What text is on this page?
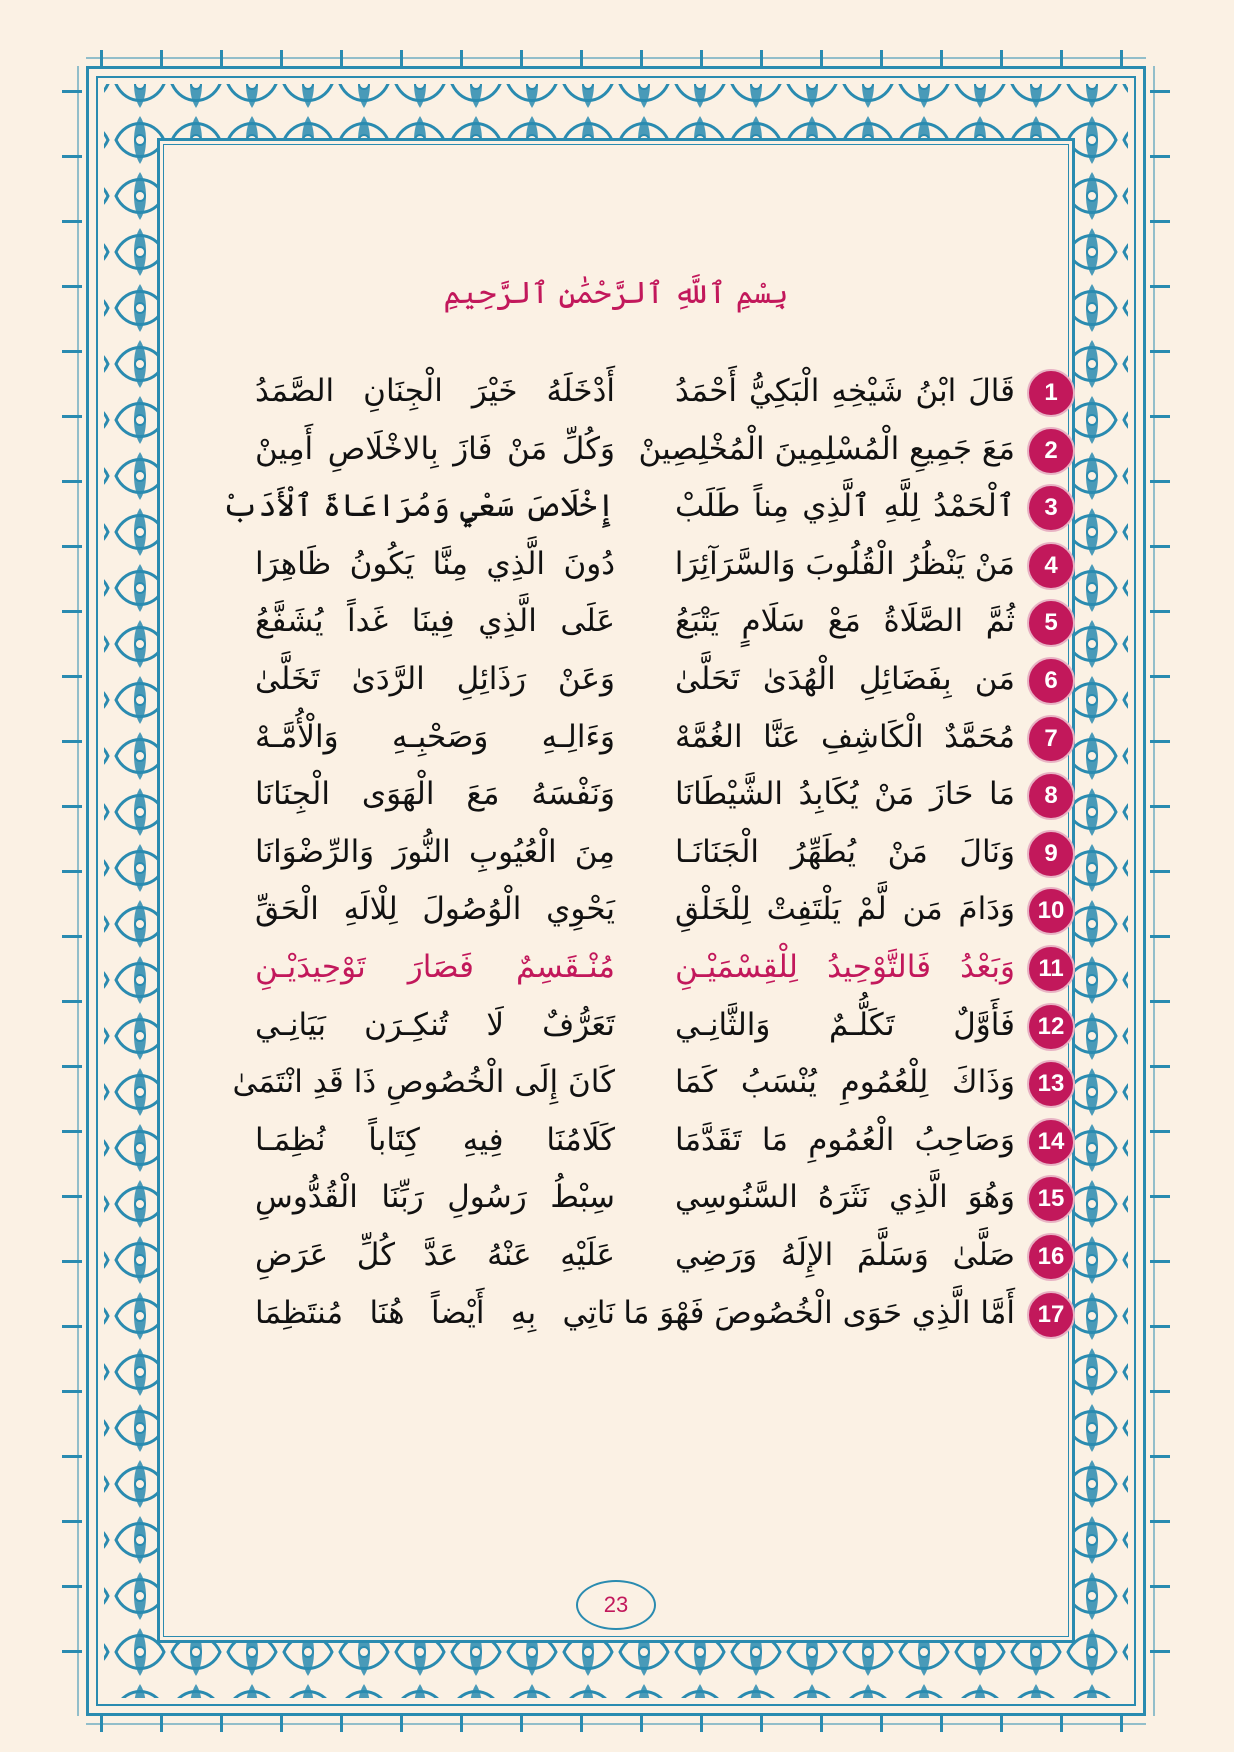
بِسْمِ ٱللَّهِ ٱلرَّحْمَٰنِ ٱلرَّحِيمِ
1
قَالَ ابْنُ شَيْخِهِ الْبَكِيُّ أَحْمَدُ
أَدْخَلَهُ خَيْرَ الْجِنَانِ الصَّمَدُ
2
مَعَ جَمِيعِ الْمُسْلِمِينَ الْمُخْلِصِينْ
وَكُلِّ مَنْ فَازَ بِالاخْلَاصِ أَمِينْ
3
ٱلْحَمْدُ لِلَّهِ ٱلَّذِي مِناً طَلَبْ
إِخْلَاصَ سَعْيٍ وَمُرَاعَاةَ ٱلْأَدَبْ
4
مَنْ يَنْظُرُ الْقُلُوبَ وَالسَّرَآئِرَا
دُونَ الَّذِي مِنَّا يَكُونُ ظَاهِرَا
5
ثُمَّ الصَّلَاةُ مَعْ سَلَامٍ يَتْبَعُ
عَلَى الَّذِي فِينَا غَداً يُشَفَّعُ
6
مَن بِفَضَائِلِ الْهُدَىٰ تَحَلَّىٰ
وَعَنْ رَذَائِلِ الرَّدَىٰ تَخَلَّىٰ
7
مُحَمَّدٌ الْكَاشِفِ عَنَّا الغُمَّهْ
وَءَالِـهِ وَصَحْبِـهِ وَالْأُمَّـهْ
8
مَا حَازَ مَنْ يُكَابِدُ الشَّيْطَانَا
وَنَفْسَهُ مَعَ الْهَوَى الْجِنَانَا
9
وَنَالَ مَنْ يُطَهِّرُ الْجَنَانَـا
مِنَ الْعُيُوبِ النُّورَ وَالرِّضْوَانَا
10
وَدَامَ مَن لَّمْ يَلْتَفِتْ لِلْخَلْقِ
يَحْوِي الْوُصُولَ لِلْالَهِ الْحَقِّ
11
وَبَعْدُ فَالتَّوْحِيدُ لِلْقِسْمَيْـنِ
مُنْـقَسِمٌ فَصَارَ تَوْحِيدَيْـنِ
12
فَأَوَّلٌ تَكَلُّـمٌ وَالثَّانِـي
تَعَرُّفٌ لَا تُنكِـرَن بَيَانِـي
13
وَذَاكَ لِلْعُمُومِ يُنْسَبُ كَمَا
كَانَ إِلَى الْخُصُوصِ ذَا قَدِ انْتَمَىٰ
14
وَصَاحِبُ الْعُمُومِ مَا تَقَدَّمَا
كَلَامُنَا فِيهِ كِتَاباً نُظِمَـا
15
وَهُوَ الَّذِي نَثَرَهُ السَّنُوسِي
سِبْطُ رَسُولِ رَبِّنَا الْقُدُّوسِ
16
صَلَّىٰ وَسَلَّمَ الإِلَهُ وَرَضِي
عَلَيْهِ عَنْهُ عَدَّ كُلِّ عَرَضِ
17
أَمَّا الَّذِي حَوَى الْخُصُوصَ فَهْوَ مَا
نَاتِي بِهِ أَيْضاً هُنَا مُنتَظِمَا
23
